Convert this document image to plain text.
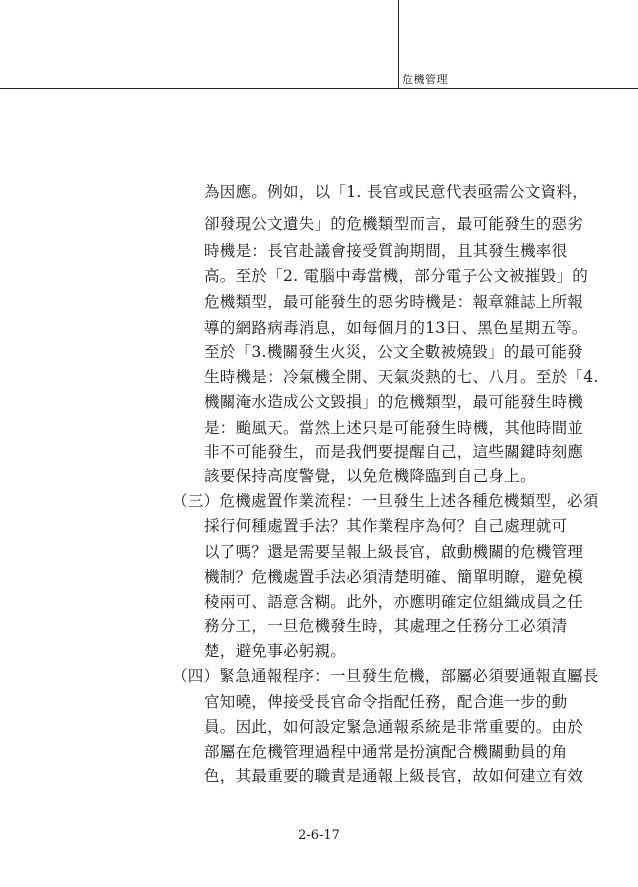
危機管理
為因應。例如，以「1. 長官或民意代表亟需公文資料，
卻發現公文遺失」的危機類型而言，最可能發生的惡劣
時機是：長官赴議會接受質詢期間，且其發生機率很
高。至於「2. 電腦中毒當機，部分電子公文被摧毀」的
危機類型，最可能發生的惡劣時機是：報章雜誌上所報
導的網路病毒消息，如每個月的13日、黑色星期五等。
至於「3.機關發生火災，公文全數被燒毀」的最可能發
生時機是：冷氣機全開、天氣炎熱的七、八月。至於「4.
機關淹水造成公文毀損」的危機類型，最可能發生時機
是：颱風天。當然上述只是可能發生時機，其他時間並
非不可能發生，而是我們要提醒自己，這些關鍵時刻應
該要保持高度警覺，以免危機降臨到自己身上。
（三）危機處置作業流程：一旦發生上述各種危機類型，必須
採行何種處置手法？其作業程序為何？自己處理就可
以了嗎？還是需要呈報上級長官，啟動機關的危機管理
機制？危機處置手法必須清楚明確、簡單明瞭，避免模
稜兩可、語意含糊。此外，亦應明確定位組織成員之任
務分工，一旦危機發生時，其處理之任務分工必須清
楚，避免事必躬親。
（四）緊急通報程序：一旦發生危機，部屬必須要通報直屬長
官知曉，俾接受長官命令指配任務，配合進一步的動
員。因此，如何設定緊急通報系統是非常重要的。由於
部屬在危機管理過程中通常是扮演配合機關動員的角
色，其最重要的職責是通報上級長官，故如何建立有效
2-6-17
